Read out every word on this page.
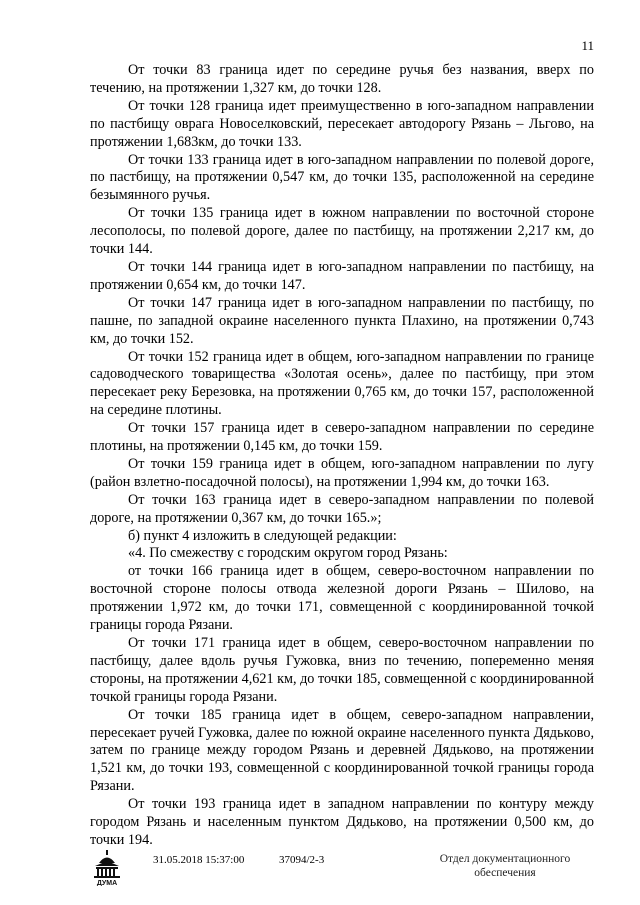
11

От точки 83 граница идет по середине ручья без названия, вверх по течению, на протяжении 1,327 км, до точки 128.

От точки 128 граница идет преимущественно в юго-западном направлении по пастбищу оврага Новоселковский, пересекает автодорогу Рязань – Льгово, на протяжении 1,683км, до точки 133.

От точки 133 граница идет в юго-западном направлении по полевой дороге, по пастбищу, на протяжении 0,547 км, до точки 135, расположенной на середине безымянного ручья.

От точки 135 граница идет в южном направлении по восточной стороне лесополосы, по полевой дороге, далее по пастбищу, на протяжении 2,217 км, до точки 144.

От точки 144 граница идет в юго-западном направлении по пастбищу, на протяжении 0,654 км, до точки 147.

От точки 147 граница идет в юго-западном направлении по пастбищу, по пашне, по западной окраине населенного пункта Плахино, на протяжении 0,743 км, до точки 152.

От точки 152 граница идет в общем, юго-западном направлении по границе садоводческого товарищества «Золотая осень», далее по пастбищу, при этом пересекает реку Березовка, на протяжении 0,765 км, до точки 157, расположенной на середине плотины.

От точки 157 граница идет в северо-западном направлении по середине плотины, на протяжении 0,145 км, до точки 159.

От точки 159 граница идет в общем, юго-западном направлении по лугу (район взлетно-посадочной полосы), на протяжении 1,994 км, до точки 163.

От точки 163 граница идет в северо-западном направлении по полевой дороге, на протяжении 0,367 км, до точки 165.»;

б) пункт 4 изложить в следующей редакции:

«4. По смежеству с городским округом город Рязань:

от точки 166 граница идет в общем, северо-восточном направлении по восточной стороне полосы отвода железной дороги Рязань – Шилово, на протяжении 1,972 км, до точки 171, совмещенной с координированной точкой границы города Рязани.

От точки 171 граница идет в общем, северо-восточном направлении по пастбищу, далее вдоль ручья Гужовка, вниз по течению, попеременно меняя стороны, на протяжении 4,621 км, до точки 185, совмещенной с координированной точкой границы города Рязани.

От точки 185 граница идет в общем, северо-западном направлении, пересекает ручей Гужовка, далее по южной окраине населенного пункта Дядьково, затем по границе между городом Рязань и деревней Дядьково, на протяжении 1,521 км, до точки 193, совмещенной с координированной точкой границы города Рязани.

От точки 193 граница идет в западном направлении по контуру между городом Рязань и населенным пунктом Дядьково, на протяжении 0,500 км, до точки 194.

ДУМА
31.05.2018 15:37:00	37094/2-3	Отдел документационного
обеспечения
